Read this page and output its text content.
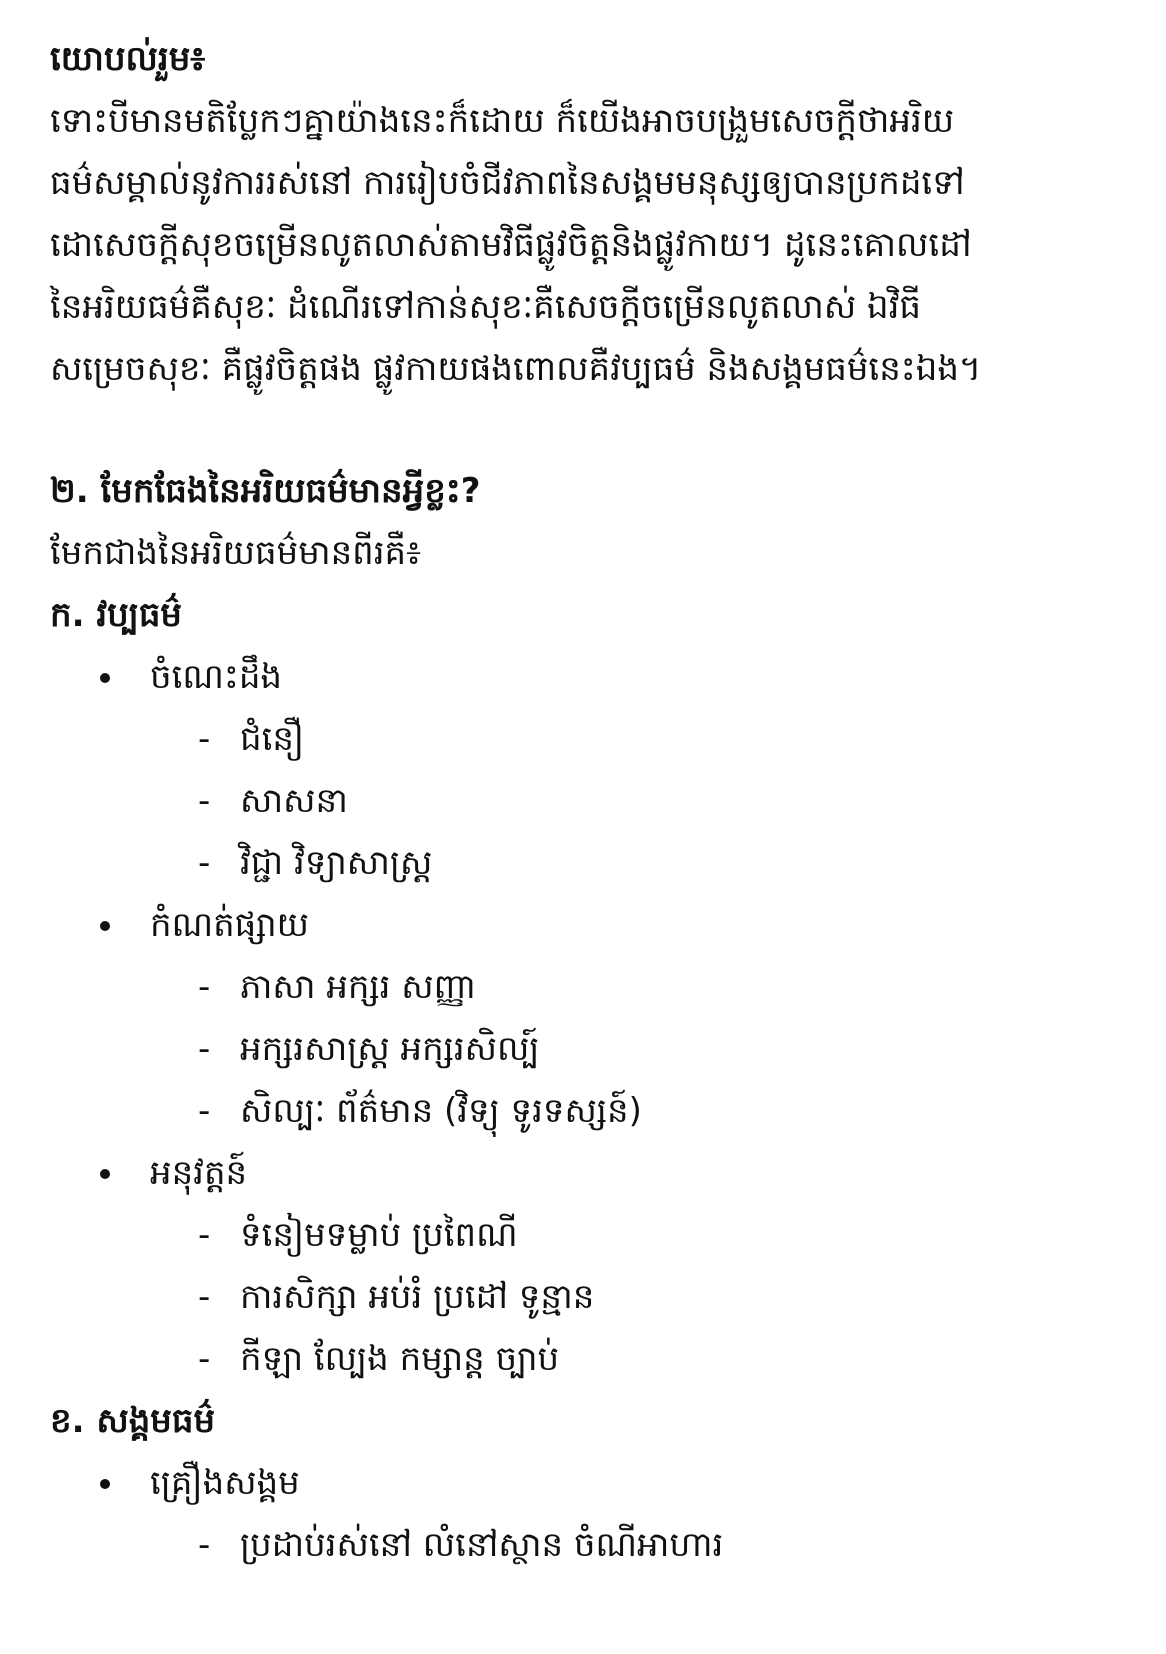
យោបល់រួម៖
ទោះបីមានមតិប្លែកៗគ្នាយ៉ាងនេះក៏ដោយ ក៏យើងអាចបង្រួមសេចក្ដីថាអរិយ
ធម៌សម្គាល់នូវការរស់នៅ ការរៀបចំជីវភាពនៃសង្គមមនុស្សឲ្យបានប្រកដទៅ
ដោសេចក្ដីសុខចម្រើនលូតលាស់តាមវិធីផ្លូវចិត្តនិងផ្លូវកាយ។ ដូនេះគោលដៅ
នៃអរិយធម៌គឺសុខៈ ដំណើរទៅកាន់សុខៈគឺសេចក្ដីចម្រើនលូតលាស់ ឯវិធី
សម្រេចសុខៈ គឺផ្លូវចិត្តផង ផ្លូវកាយផងពោលគឺវប្បធម៌ និងសង្គមធម៌នេះឯង។
២. មែកធែងនៃអរិយធម៌មានអ្វីខ្លះ?
មែកជាងនៃអរិយធម៌មានពីរគឺ៖
ក. វប្បធម៌
ចំណេះដឹង
- ជំនឿ
- សាសនា
- វិជ្ជា វិទ្យាសាស្ត្រ
កំណត់ផ្សាយ
- ភាសា អក្សរ សញ្ញា
- អក្សរសាស្ត្រ អក្សរសិល្ប៍
- សិល្បៈ ព័ត៌មាន (វិទ្យុ ទូរទស្សន៍)
អនុវត្តន៍
- ទំនៀមទម្លាប់ ប្រពៃណី
- ការសិក្សា អប់រំ ប្រដៅ ទូន្មាន
- កីឡា ល្បែង កម្សាន្ត ច្បាប់
ខ. សង្គមធម៌
គ្រឿងសង្គម
- ប្រដាប់រស់នៅ លំនៅស្ថាន ចំណីអាហារ
